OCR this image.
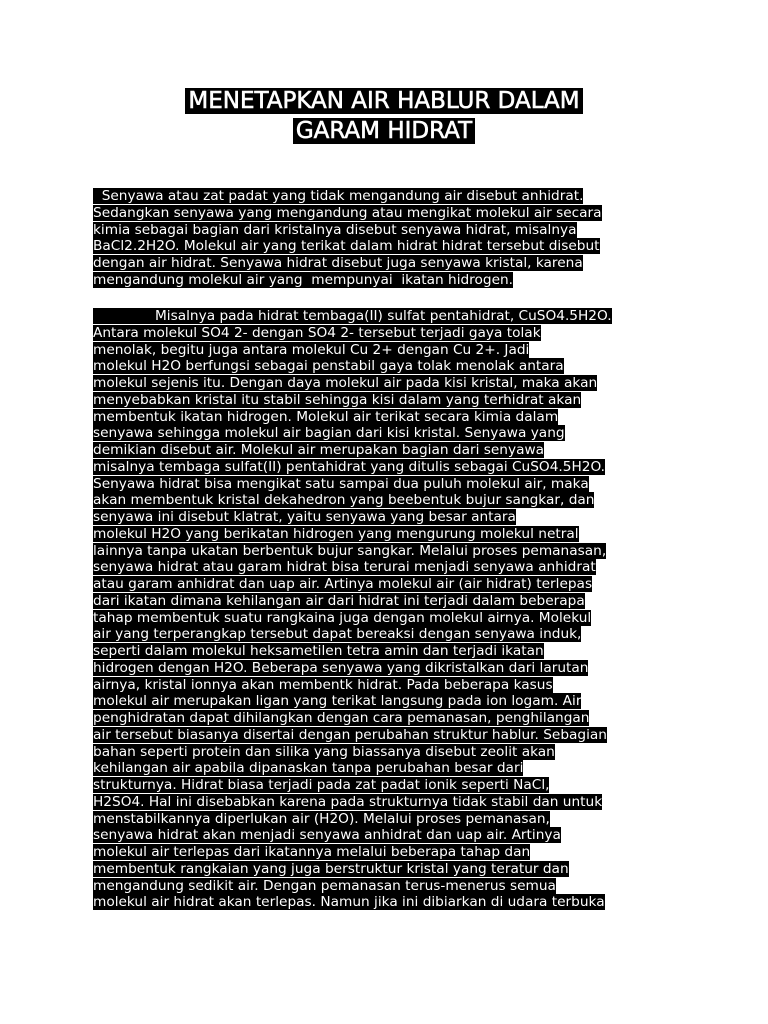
MENETAPKAN AIR HABLUR DALAM
GARAM HIDRAT
Senyawa atau zat padat yang tidak mengandung air disebut anhidrat.
Sedangkan senyawa yang mengandung atau mengikat molekul air secara
kimia sebagai bagian dari kristalnya disebut senyawa hidrat, misalnya
BaCl2.2H2O. Molekul air yang terikat dalam hidrat hidrat tersebut disebut
dengan air hidrat. Senyawa hidrat disebut juga senyawa kristal, karena
mengandung molekul air yang  mempunyai  ikatan hidrogen.
Misalnya pada hidrat tembaga(II) sulfat pentahidrat, CuSO4.5H2O.
Antara molekul SO4 2- dengan SO4 2- tersebut terjadi gaya tolak
menolak, begitu juga antara molekul Cu 2+ dengan Cu 2+. Jadi
molekul H2O berfungsi sebagai penstabil gaya tolak menolak antara
molekul sejenis itu. Dengan daya molekul air pada kisi kristal, maka akan
menyebabkan kristal itu stabil sehingga kisi dalam yang terhidrat akan
membentuk ikatan hidrogen. Molekul air terikat secara kimia dalam
senyawa sehingga molekul air bagian dari kisi kristal. Senyawa yang
demikian disebut air. Molekul air merupakan bagian dari senyawa
misalnya tembaga sulfat(II) pentahidrat yang ditulis sebagai CuSO4.5H2O.
Senyawa hidrat bisa mengikat satu sampai dua puluh molekul air, maka
akan membentuk kristal dekahedron yang beebentuk bujur sangkar, dan
senyawa ini disebut klatrat, yaitu senyawa yang besar antara
molekul H2O yang berikatan hidrogen yang mengurung molekul netral
lainnya tanpa ukatan berbentuk bujur sangkar. Melalui proses pemanasan,
senyawa hidrat atau garam hidrat bisa terurai menjadi senyawa anhidrat
atau garam anhidrat dan uap air. Artinya molekul air (air hidrat) terlepas
dari ikatan dimana kehilangan air dari hidrat ini terjadi dalam beberapa
tahap membentuk suatu rangkaina juga dengan molekul airnya. Molekul
air yang terperangkap tersebut dapat bereaksi dengan senyawa induk,
seperti dalam molekul heksametilen tetra amin dan terjadi ikatan
hidrogen dengan H2O. Beberapa senyawa yang dikristalkan dari larutan
airnya, kristal ionnya akan membentk hidrat. Pada beberapa kasus
molekul air merupakan ligan yang terikat langsung pada ion logam. Air
penghidratan dapat dihilangkan dengan cara pemanasan, penghilangan
air tersebut biasanya disertai dengan perubahan struktur hablur. Sebagian
bahan seperti protein dan silika yang biassanya disebut zeolit akan
kehilangan air apabila dipanaskan tanpa perubahan besar dari
strukturnya. Hidrat biasa terjadi pada zat padat ionik seperti NaCl,
H2SO4. Hal ini disebabkan karena pada strukturnya tidak stabil dan untuk
menstabilkannya diperlukan air (H2O). Melalui proses pemanasan,
senyawa hidrat akan menjadi senyawa anhidrat dan uap air. Artinya
molekul air terlepas dari ikatannya melalui beberapa tahap dan
membentuk rangkaian yang juga berstruktur kristal yang teratur dan
mengandung sedikit air. Dengan pemanasan terus-menerus semua
molekul air hidrat akan terlepas. Namun jika ini dibiarkan di udara terbuka
